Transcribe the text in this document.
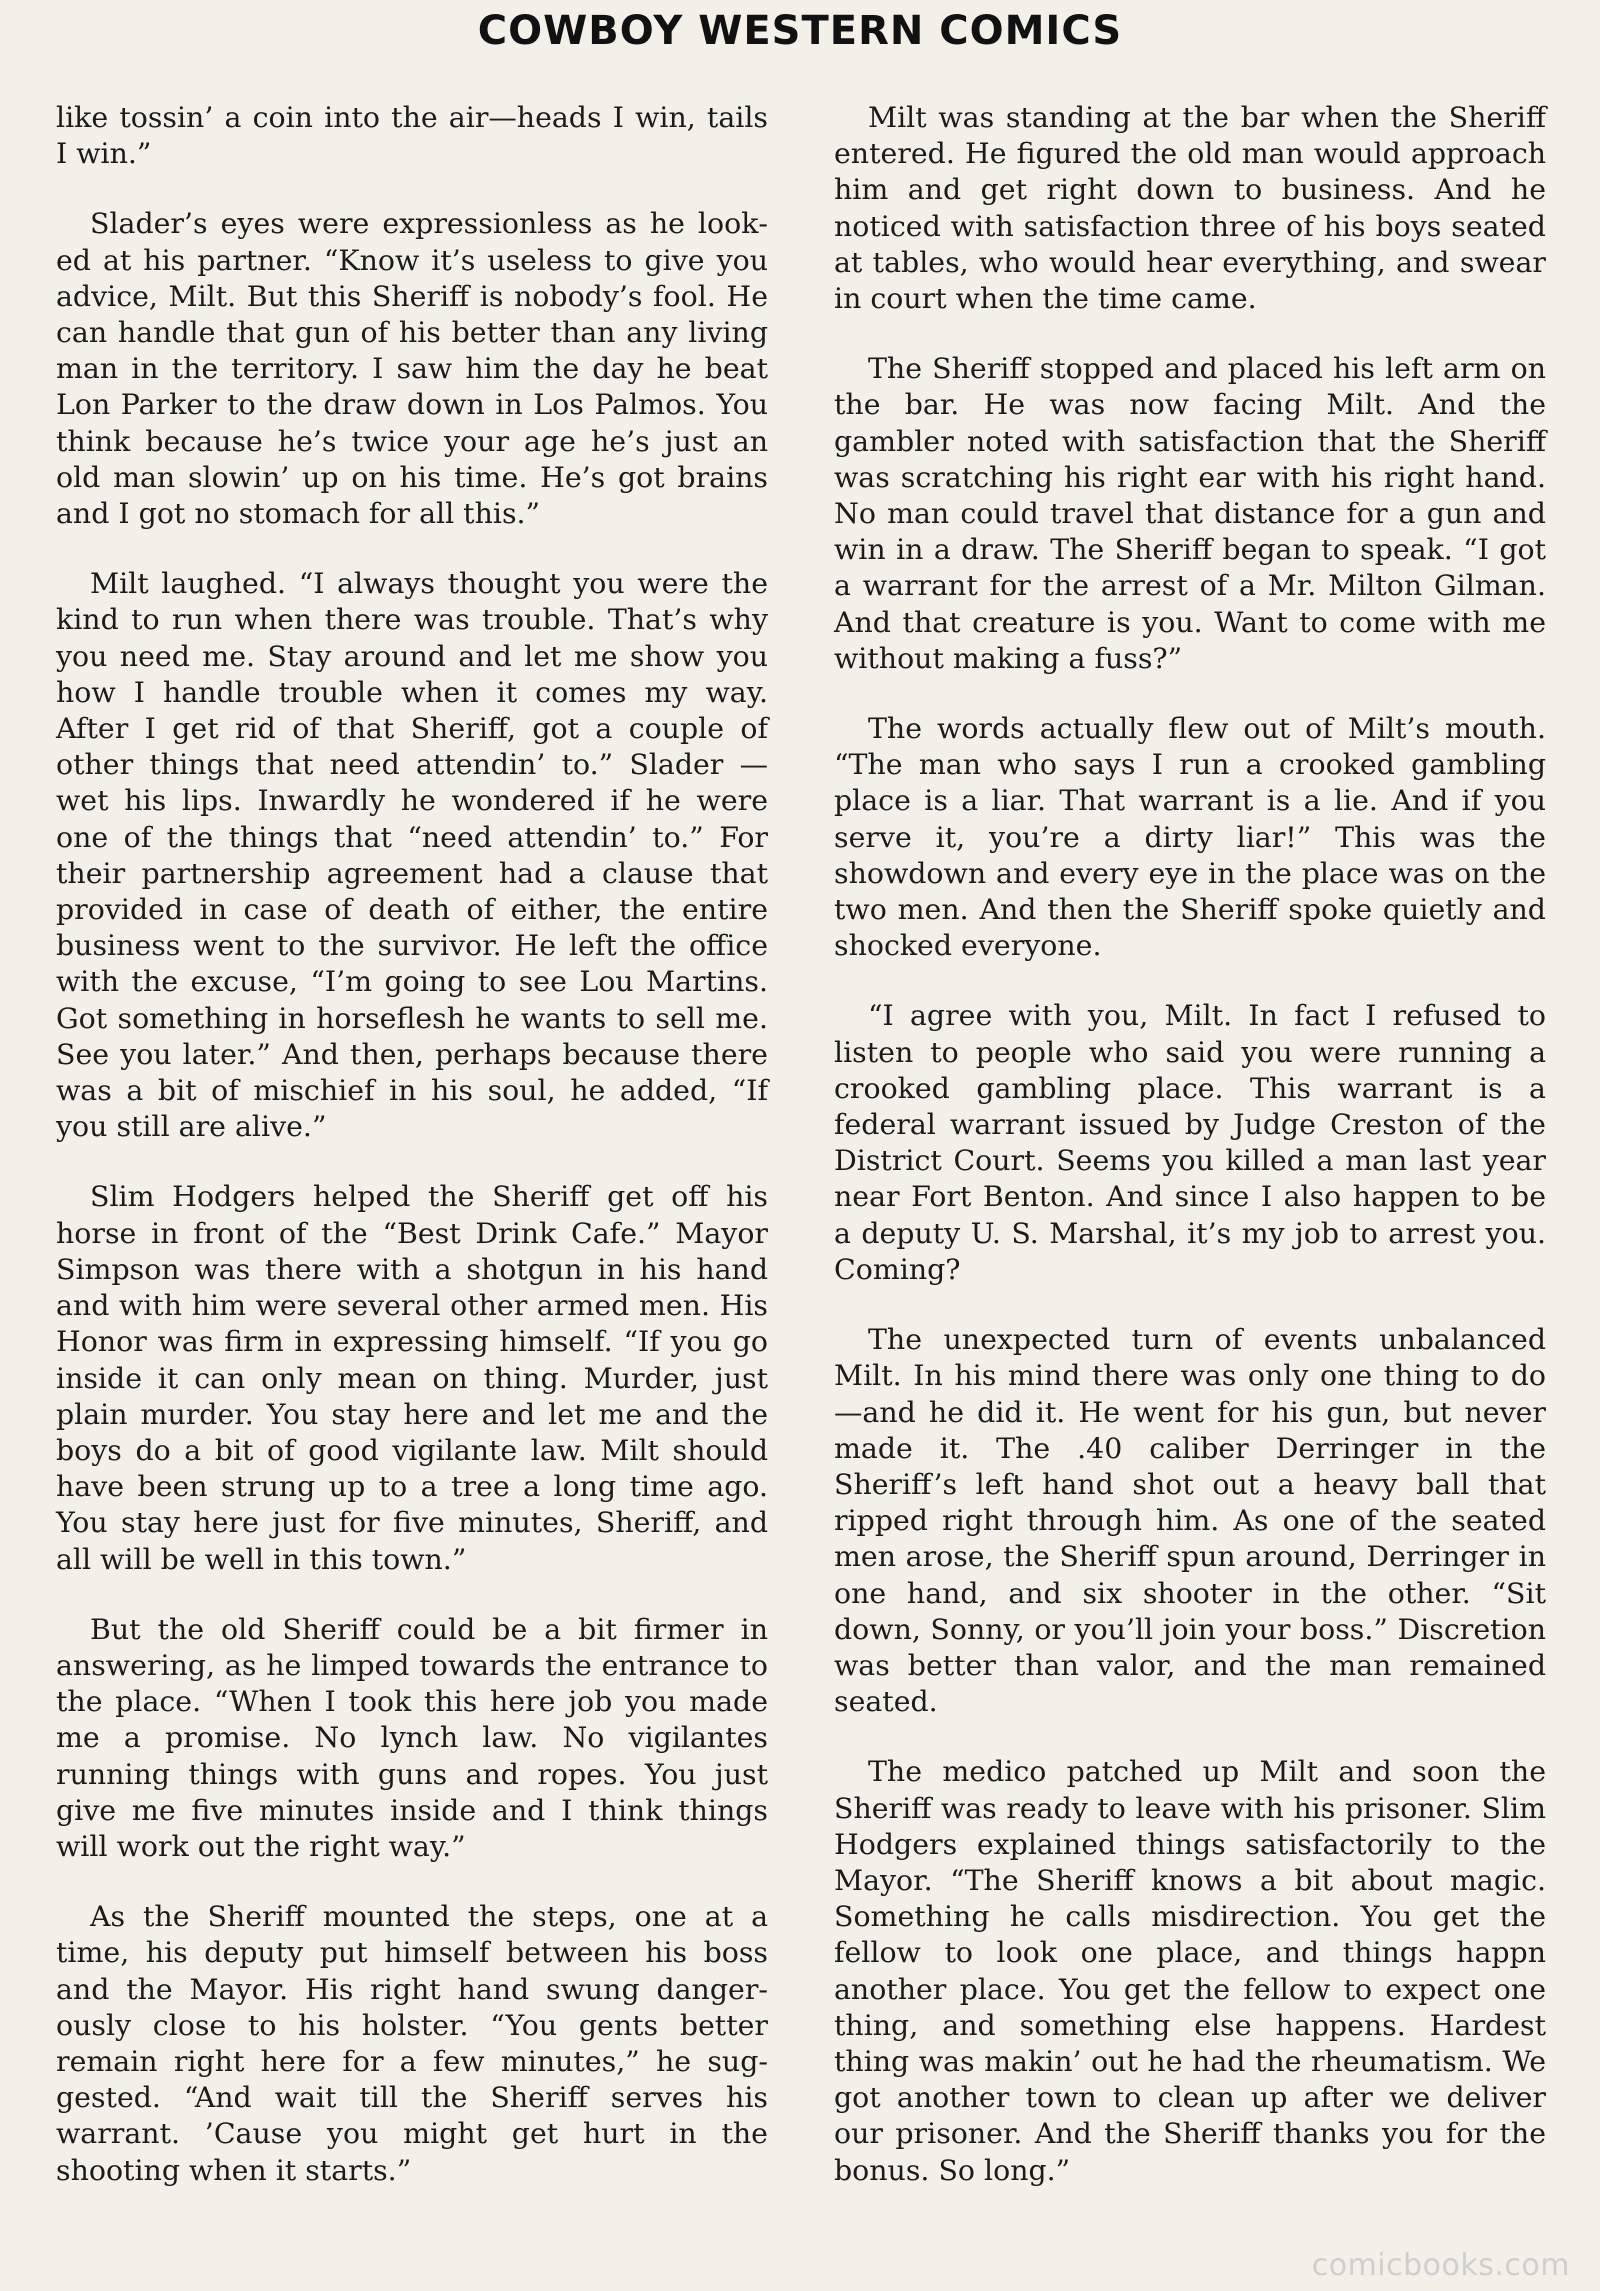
COWBOY WESTERN COMICS

like tossin’ a coin into the air—heads I win, tails I win.”

Slader’s eyes were expressionless as he looked at his partner. “Know it’s useless to give you advice, Milt. But this Sheriff is nobody’s fool. He can handle that gun of his better than any living man in the territory. I saw him the day he beat Lon Parker to the draw down in Los Palmos. You think because he’s twice your age he’s just an old man slowin’ up on his time. He’s got brains and I got no stomach for all this.”

Milt laughed. “I always thought you were the kind to run when there was trouble. That’s why you need me. Stay around and let me show you how I handle trouble when it comes my way. After I get rid of that Sheriff, got a couple of other things that need attendin’ to.” Slader —wet his lips. Inwardly he wondered if he were one of the things that “need attendin’ to.” For their partnership agreement had a clause that provided in case of death of either, the entire business went to the survivor. He left the office with the excuse, “I’m going to see Lou Martins. Got something in horseflesh he wants to sell me. See you later.” And then, perhaps because there was a bit of mischief in his soul, he added, “If you still are alive.”

Slim Hodgers helped the Sheriff get off his horse in front of the “Best Drink Cafe.” Mayor Simpson was there with a shotgun in his hand and with him were several other armed men. His Honor was firm in expressing himself. “If you go inside it can only mean on thing. Murder, just plain murder. You stay here and let me and the boys do a bit of good vigilante law. Milt should have been strung up to a tree a long time ago. You stay here just for five minutes, Sheriff, and all will be well in this town.”

But the old Sheriff could be a bit firmer in answering, as he limped towards the entrance to the place. “When I took this here job you made me a promise. No lynch law. No vigilantes running things with guns and ropes. You just give me five minutes inside and I think things will work out the right way.”

As the Sheriff mounted the steps, one at a time, his deputy put himself between his boss and the Mayor. His right hand swung dangerously close to his holster. “You gents better remain right here for a few minutes,” he suggested. “And wait till the Sheriff serves his warrant. ’Cause you might get hurt in the shooting when it starts.”

Milt was standing at the bar when the Sheriff entered. He figured the old man would approach him and get right down to business. And he noticed with satisfaction three of his boys seated at tables, who would hear everything, and swear in court when the time came.

The Sheriff stopped and placed his left arm on the bar. He was now facing Milt. And the gambler noted with satisfaction that the Sheriff was scratching his right ear with his right hand. No man could travel that distance for a gun and win in a draw. The Sheriff began to speak. “I got a warrant for the arrest of a Mr. Milton Gilman. And that creature is you. Want to come with me without making a fuss?”

The words actually flew out of Milt’s mouth. “The man who says I run a crooked gambling place is a liar. That warrant is a lie. And if you serve it, you’re a dirty liar!” This was the showdown and every eye in the place was on the two men. And then the Sheriff spoke quietly and shocked everyone.

“I agree with you, Milt. In fact I refused to listen to people who said you were running a crooked gambling place. This warrant is a federal warrant issued by Judge Creston of the District Court. Seems you killed a man last year near Fort Benton. And since I also happen to be a deputy U. S. Marshal, it’s my job to arrest you. Coming?

The unexpected turn of events unbalanced Milt. In his mind there was only one thing to do—and he did it. He went for his gun, but never made it. The .40 caliber Derringer in the Sheriff’s left hand shot out a heavy ball that ripped right through him. As one of the seated men arose, the Sheriff spun around, Derringer in one hand, and six shooter in the other. “Sit down, Sonny, or you’ll join your boss.” Discretion was better than valor, and the man remained seated.

The medico patched up Milt and soon the Sheriff was ready to leave with his prisoner. Slim Hodgers explained things satisfactorily to the Mayor. “The Sheriff knows a bit about magic. Something he calls misdirection. You get the fellow to look one place, and things happn another place. You get the fellow to expect one thing, and something else happens. Hardest thing was makin’ out he had the rheumatism. We got another town to clean up after we deliver our prisoner. And the Sheriff thanks you for the bonus. So long.”

comicbooks.com
